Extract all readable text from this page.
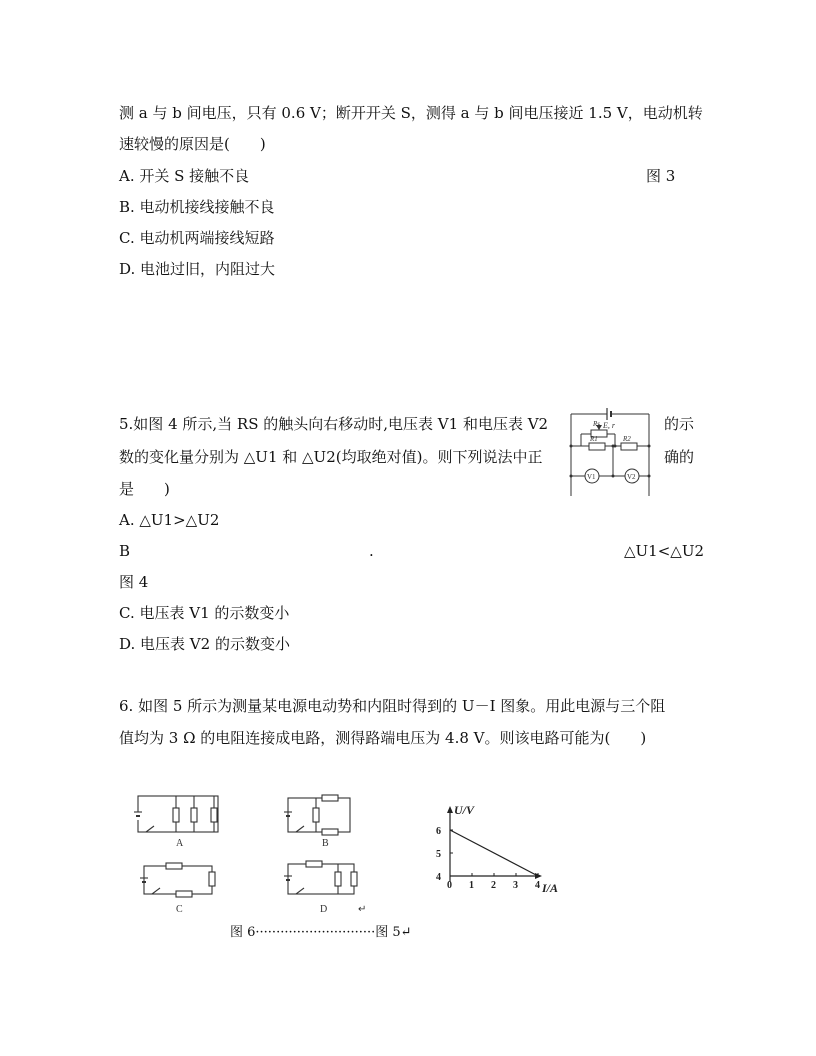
测 a 与 b 间电压，只有 0.6 V；断开开关 S，测得 a 与 b 间电压接近 1.5 V，电动机转
速较慢的原因是(　　)
A. 开关 S 接触不良	图 3
B. 电动机接线接触不良
C. 电动机两端接线短路
D. 电池过旧，内阻过大
5.如图 4 所示,当 RS 的触头向右移动时,电压表 V1 和电压表 V2	的示
数的变化量分别为 △U1 和 △U2(均取绝对值)。则下列说法中正	确的
是　　)
E, r
Rs
R1	R2
V1	V2
A. △U1>△U2
B	.	△U1<△U2
图 4
C. 电压表 V1 的示数变小
D. 电压表 V2 的示数变小
6. 如图 5 所示为测量某电源电动势和内阻时得到的 U－I 图象。用此电源与三个阻
值均为 3 Ω 的电阻连接成电路，测得路端电压为 4.8 V。则该电路可能为(　　)
A	B
C	D	↵
I/A
U/V
0 1 2 3 4
4
5
6
图 6·····························图 5↵
